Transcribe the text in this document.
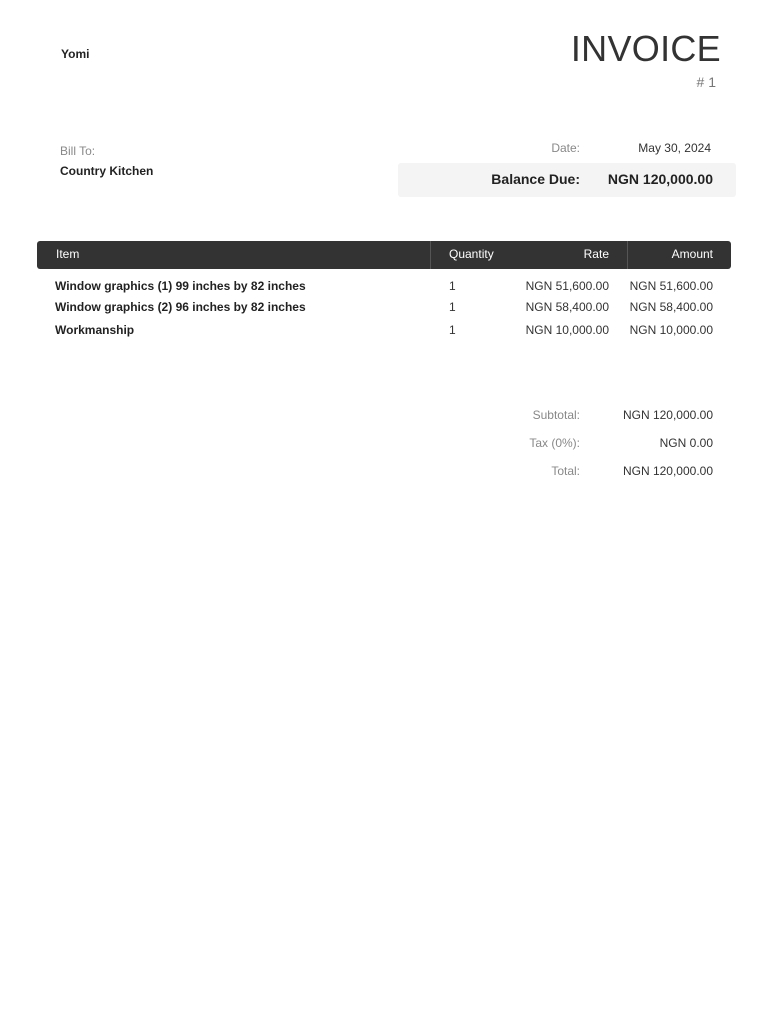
Yomi	INVOICE
# 1
Bill To:
Country Kitchen
Date:	May 30, 2024
Balance Due: NGN 120,000.00
Item	Quantity	Rate	Amount
Window graphics (1) 99 inches by 82 inches	1	NGN 51,600.00 NGN 51,600.00
Window graphics (2) 96 inches by 82 inches	1	NGN 58,400.00 NGN 58,400.00
Workmanship	1	NGN 10,000.00 NGN 10,000.00
Subtotal:	NGN 120,000.00
Tax (0%):	NGN 0.00
Total:	NGN 120,000.00
